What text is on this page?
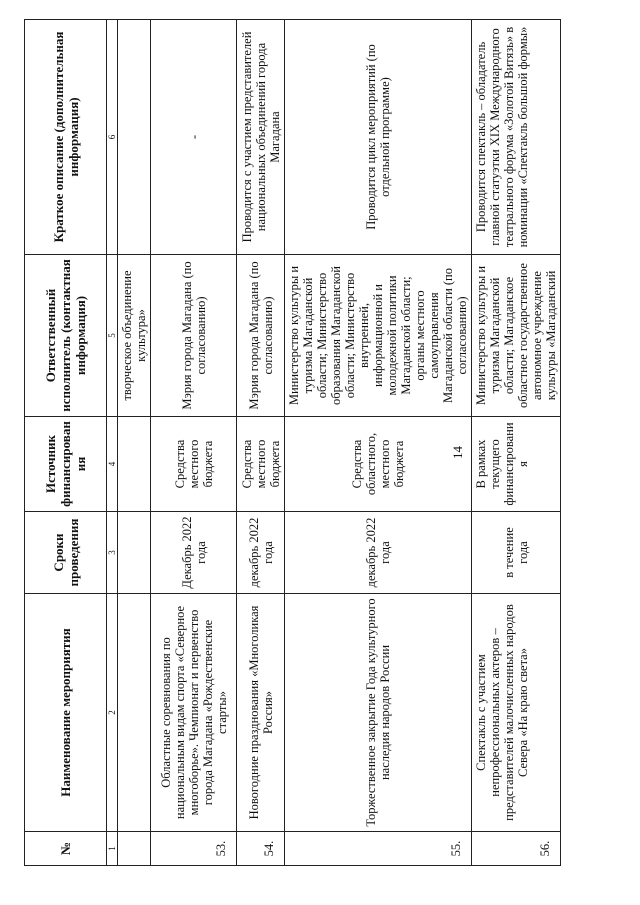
14
№	Наименование мероприятия	Сроки проведения	Источник финансирования	Ответственный исполнитель (контактная информация)	Краткое описание (дополнительная информация)
1	2	3	4	5	6
				творческое объединение культура»	
53.	Областные соревнования по национальным видам спорта «Северное многоборье». Чемпионат и первенство города Магадана «Рождественские старты»	Декабрь 2022 года	Средства местного бюджета	Мэрия города Магадана (по согласованию)	-
54.	Новогодние празднования «Многоликая Россия»	декабрь 2022 года	Средства местного бюджета	Мэрия города Магадана (по согласованию)	Проводится с участием представителей национальных объединений города Магадана
55.	Торжественное закрытие Года культурного наследия народов России	декабрь 2022 года	Средства областного, местного бюджета	Министерство культуры и туризма Магаданской области; Министерство образования Магаданской области; Министерство внутренней, информационной и молодежной политики Магаданской области; органы местного самоуправления Магаданской области (по согласованию)	Проводится цикл мероприятий (по отдельной программе)
56.	Спектакль с участием непрофессиональных актеров – представителей малочисленных народов Севера «На краю света»	в течение года	В рамках текущего финансирования	Министерство культуры и туризма Магаданской области; Магаданское областное государственное автономное учреждение культуры «Магаданский	Проводится спектакль – обладатель главной статуэтки XIX Международного театрального форума «Золотой Витязь» в номинации «Спектакль большой формы»
